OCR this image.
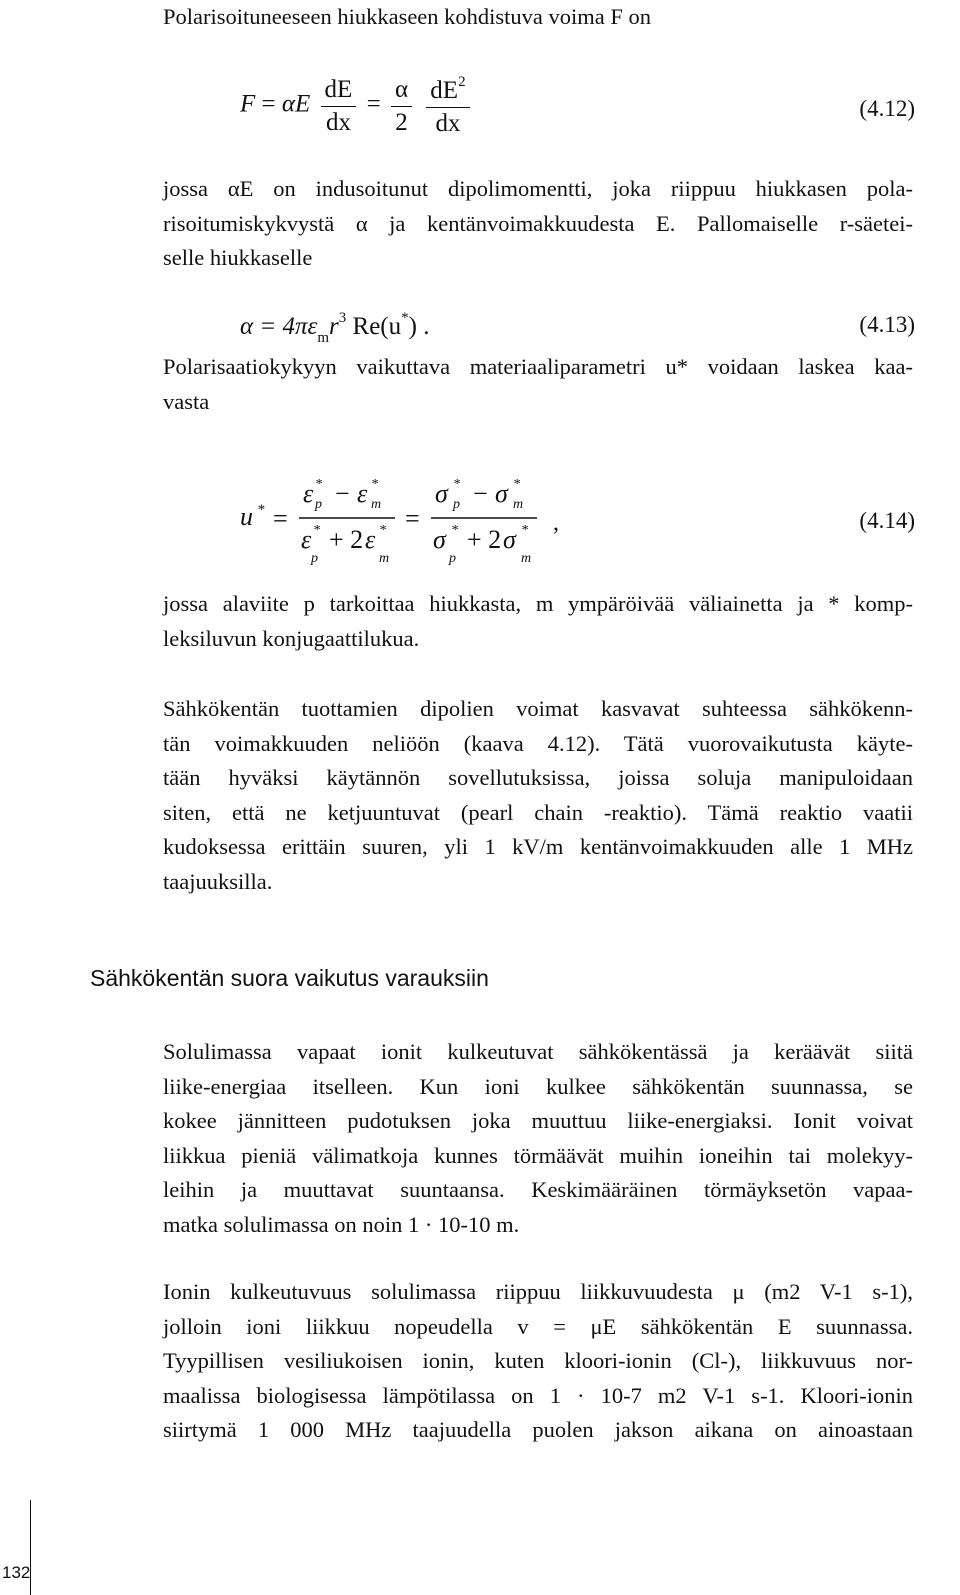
Polarisoituneeseen hiukkaseen kohdistuva voima F on

F = αE $\frac{dE}{dx} = \frac{\alpha}{2}$
$\frac{dE^2}{dx}$	(4.12)
jossa αE on indusoitunut dipolimomentti, joka riippuu hiukkasen pola-
risoitumiskykvystä α ja kentänvoimakkuudesta E. Pallomaiselle r-säetei-
selle hiukkaselle
$\alpha = 4\pi\varepsilon_mr^3$ Re(u*) .	(4.13)
Polarisaatiokykyyn vaikuttava materiaaliparametri u* voidaan laskea kaa-
vasta
u * =
ε *
p − ε *
m
ε *
p
+ 2 ε *
m
=
σ *
p − σ *
m
σ *
p
+ 2 σ *
m
,	(4.14)
jossa alaviite p tarkoittaa hiukkasta, m ympäröivää väliainetta ja * komp-
leksiluvun konjugaattilukua.
Sähkökentän tuottamien dipolien voimat kasvavat suhteessa sähkökenn-
tän voimakkuuden neliöön (kaava 4.12). Tätä vuorovaikutusta käyte-
tään hyväksi käytännön sovellutuksissa, joissa soluja manipuloidaan
siten, että ne ketjuuntuvat (pearl chain -reaktio). Tämä reaktio vaatii
kudoksessa erittäin suuren, yli 1 kV/m kentänvoimakkuuden alle 1 MHz
taajuuksilla.
Sähkökentän suora vaikutus varauksiin
Solulimassa vapaat ionit kulkeutuvat sähkökentässä ja keräävät siitä
liike-energiaa itselleen. Kun ioni kulkee sähkökentän suunnassa, se
kokee jännitteen pudotuksen joka muuttuu liike-energiaksi. Ionit voivat
liikkua pieniä välimatkoja kunnes törmäävät muihin ioneihin tai molekyy-
leihin ja muuttavat suuntaansa. Keskimääräinen törmäyksetön vapaa-
matka solulimassa on noin 1 · 10-10 m.
Ionin kulkeutuvuus solulimassa riippuu liikkuvuudesta μ (m2 V-1 s-1),
jolloin ioni liikkuu nopeudella v = μE sähkökentän E suunnassa.
Tyypillisen vesiliukoisen ionin, kuten kloori-ionin (Cl-), liikkuvuus nor-
maalissa biologisessa lämpötilassa on 1 · 10-7 m2 V-1 s-1. Kloori-ionin
siirtymä 1 000 MHz taajuudella puolen jakson aikana on ainoastaan
132
